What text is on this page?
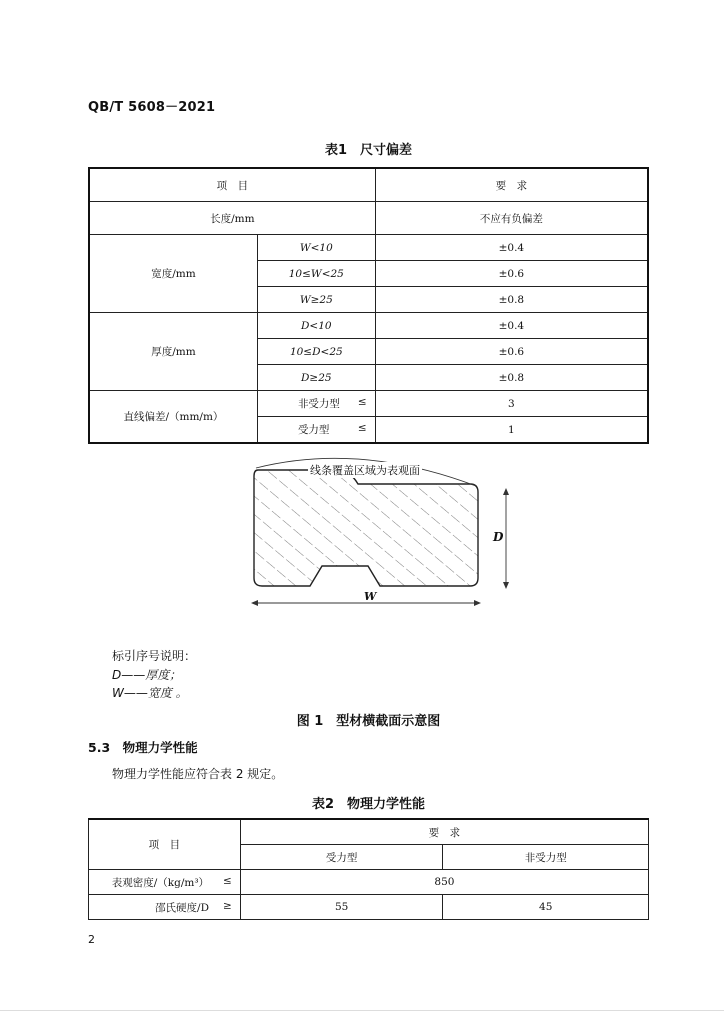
QB/T 5608－2021
表1　尺寸偏差
项　目		要　求
长度/mm		不应有负偏差
宽度/mm	W<10	±0.4
	10≤W<25	±0.6
	W≥25	±0.8
厚度/mm	D<10	±0.4
	10≤D<25	±0.6
	D≥25	±0.8
直线偏差/（mm/m）	非受力型 ≤	3

	受力型 ≤	1
线条覆盖区域为表观面
D
W
标引序号说明：
D——厚度；
W——宽度 。
图 1　型材横截面示意图
5.3　物理力学性能
物理力学性能应符合表 2 规定。
表2　物理力学性能
项　目	要　求	
	受力型	非受力型

表观密度/（kg/m³） ≤	850	

邵氏硬度/D ≥	55	45
2
